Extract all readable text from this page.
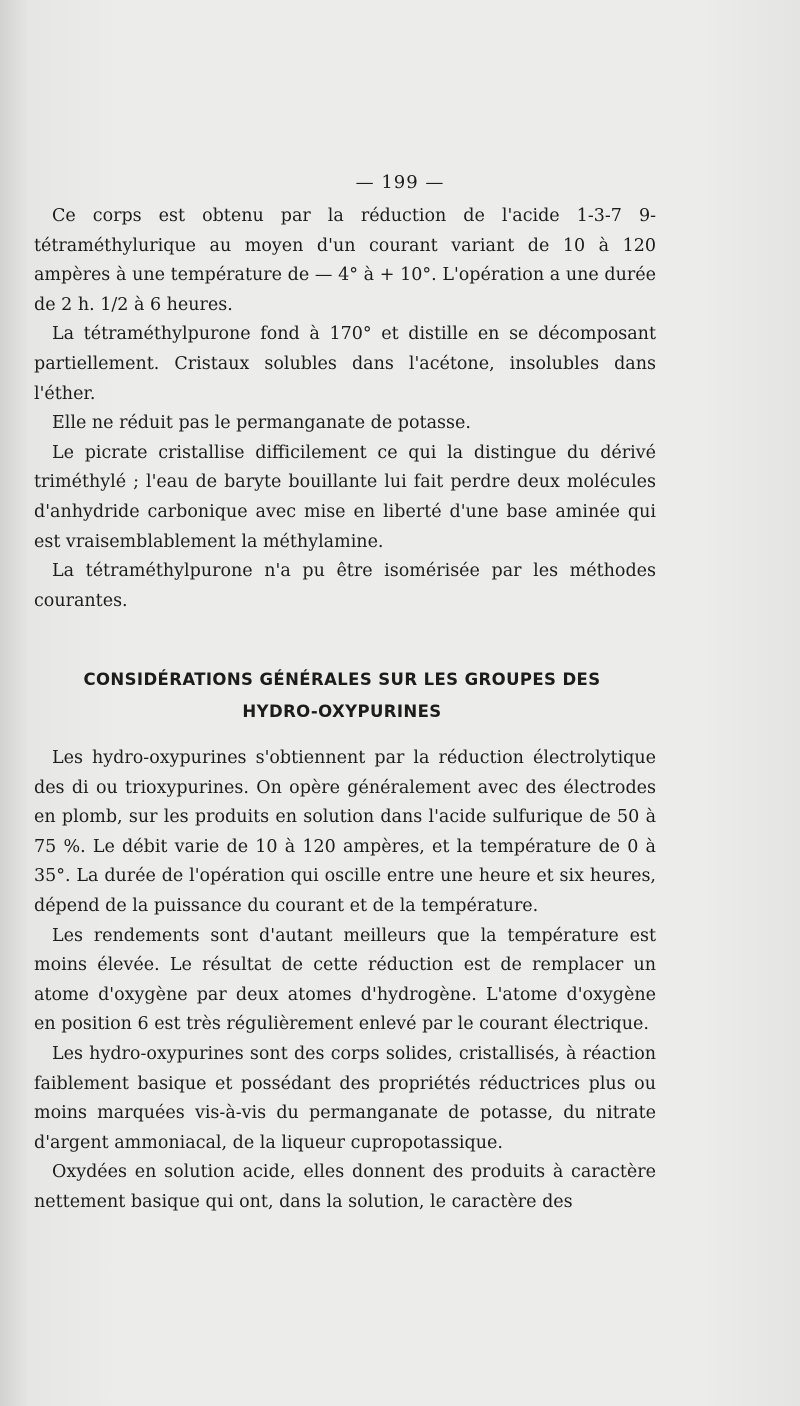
— 199 —

Ce corps est obtenu par la réduction de l'acide 1-3-7 9-tétraméthylurique au moyen d'un courant variant de 10 à 120 ampères à une température de — 4° à + 10°. L'opération a une durée de 2 h. 1/2 à 6 heures.

La tétraméthylpurone fond à 170° et distille en se décomposant partiellement. Cristaux solubles dans l'acétone, insolubles dans l'éther.

Elle ne réduit pas le permanganate de potasse.

Le picrate cristallise difficilement ce qui la distingue du dérivé triméthylé ; l'eau de baryte bouillante lui fait perdre deux molécules d'anhydride carbonique avec mise en liberté d'une base aminée qui est vraisemblablement la méthylamine.

La tétraméthylpurone n'a pu être isomérisée par les méthodes courantes.

CONSIDÉRATIONS GÉNÉRALES SUR LES GROUPES DES
HYDRO-OXYPURINES

Les hydro-oxypurines s'obtiennent par la réduction électrolytique des di ou trioxypurines. On opère généralement avec des électrodes en plomb, sur les produits en solution dans l'acide sulfurique de 50 à 75 %. Le débit varie de 10 à 120 ampères, et la température de 0 à 35°. La durée de l'opération qui oscille entre une heure et six heures, dépend de la puissance du courant et de la température.

Les rendements sont d'autant meilleurs que la température est moins élevée. Le résultat de cette réduction est de remplacer un atome d'oxygène par deux atomes d'hydrogène. L'atome d'oxygène en position 6 est très régulièrement enlevé par le courant électrique.

Les hydro-oxypurines sont des corps solides, cristallisés, à réaction faiblement basique et possédant des propriétés réductrices plus ou moins marquées vis-à-vis du permanganate de potasse, du nitrate d'argent ammoniacal, de la liqueur cupropotassique.

Oxydées en solution acide, elles donnent des produits à caractère nettement basique qui ont, dans la solution, le caractère des
